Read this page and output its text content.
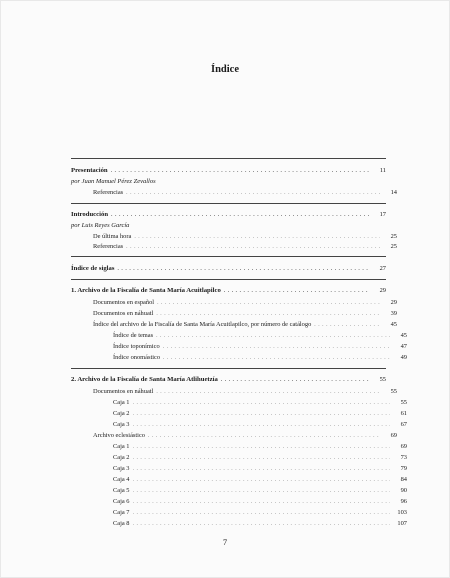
Índice
Presentación . . .	11
por Juan Manuel Pérez Zevallos
Referencias . . .	14
Introducción . . .	17
por Luis Reyes García
De última hora . . .	25
Referencias . . .	25
Índice de siglas . . .	27
1. Archivo de la Fiscalía de Santa María Acuitlapilco . . .	29
Documentos en español . . .	29
Documentos en náhuatl . . .	39
Índice del archivo de la Fiscalía de Santa María Acuitlapilco, por número de catálogo . . .	45
Índice de temas . . .	45
Índice toponímico . . .	47
Índice onomástico . . .	49
2. Archivo de la Fiscalía de Santa María Atlihuetzía . . .	55
Documentos en náhuatl . . .	55
Caja 1 . . .	55
Caja 2 . . .	61
Caja 3 . . .	67
Archivo eclesiástico . . .	69
Caja 1 . . .	69
Caja 2 . . .	73
Caja 3 . . .	79
Caja 4 . . .	84
Caja 5 . . .	90
Caja 6 . . .	96
Caja 7 . . .	103
Caja 8 . . .	107
7
